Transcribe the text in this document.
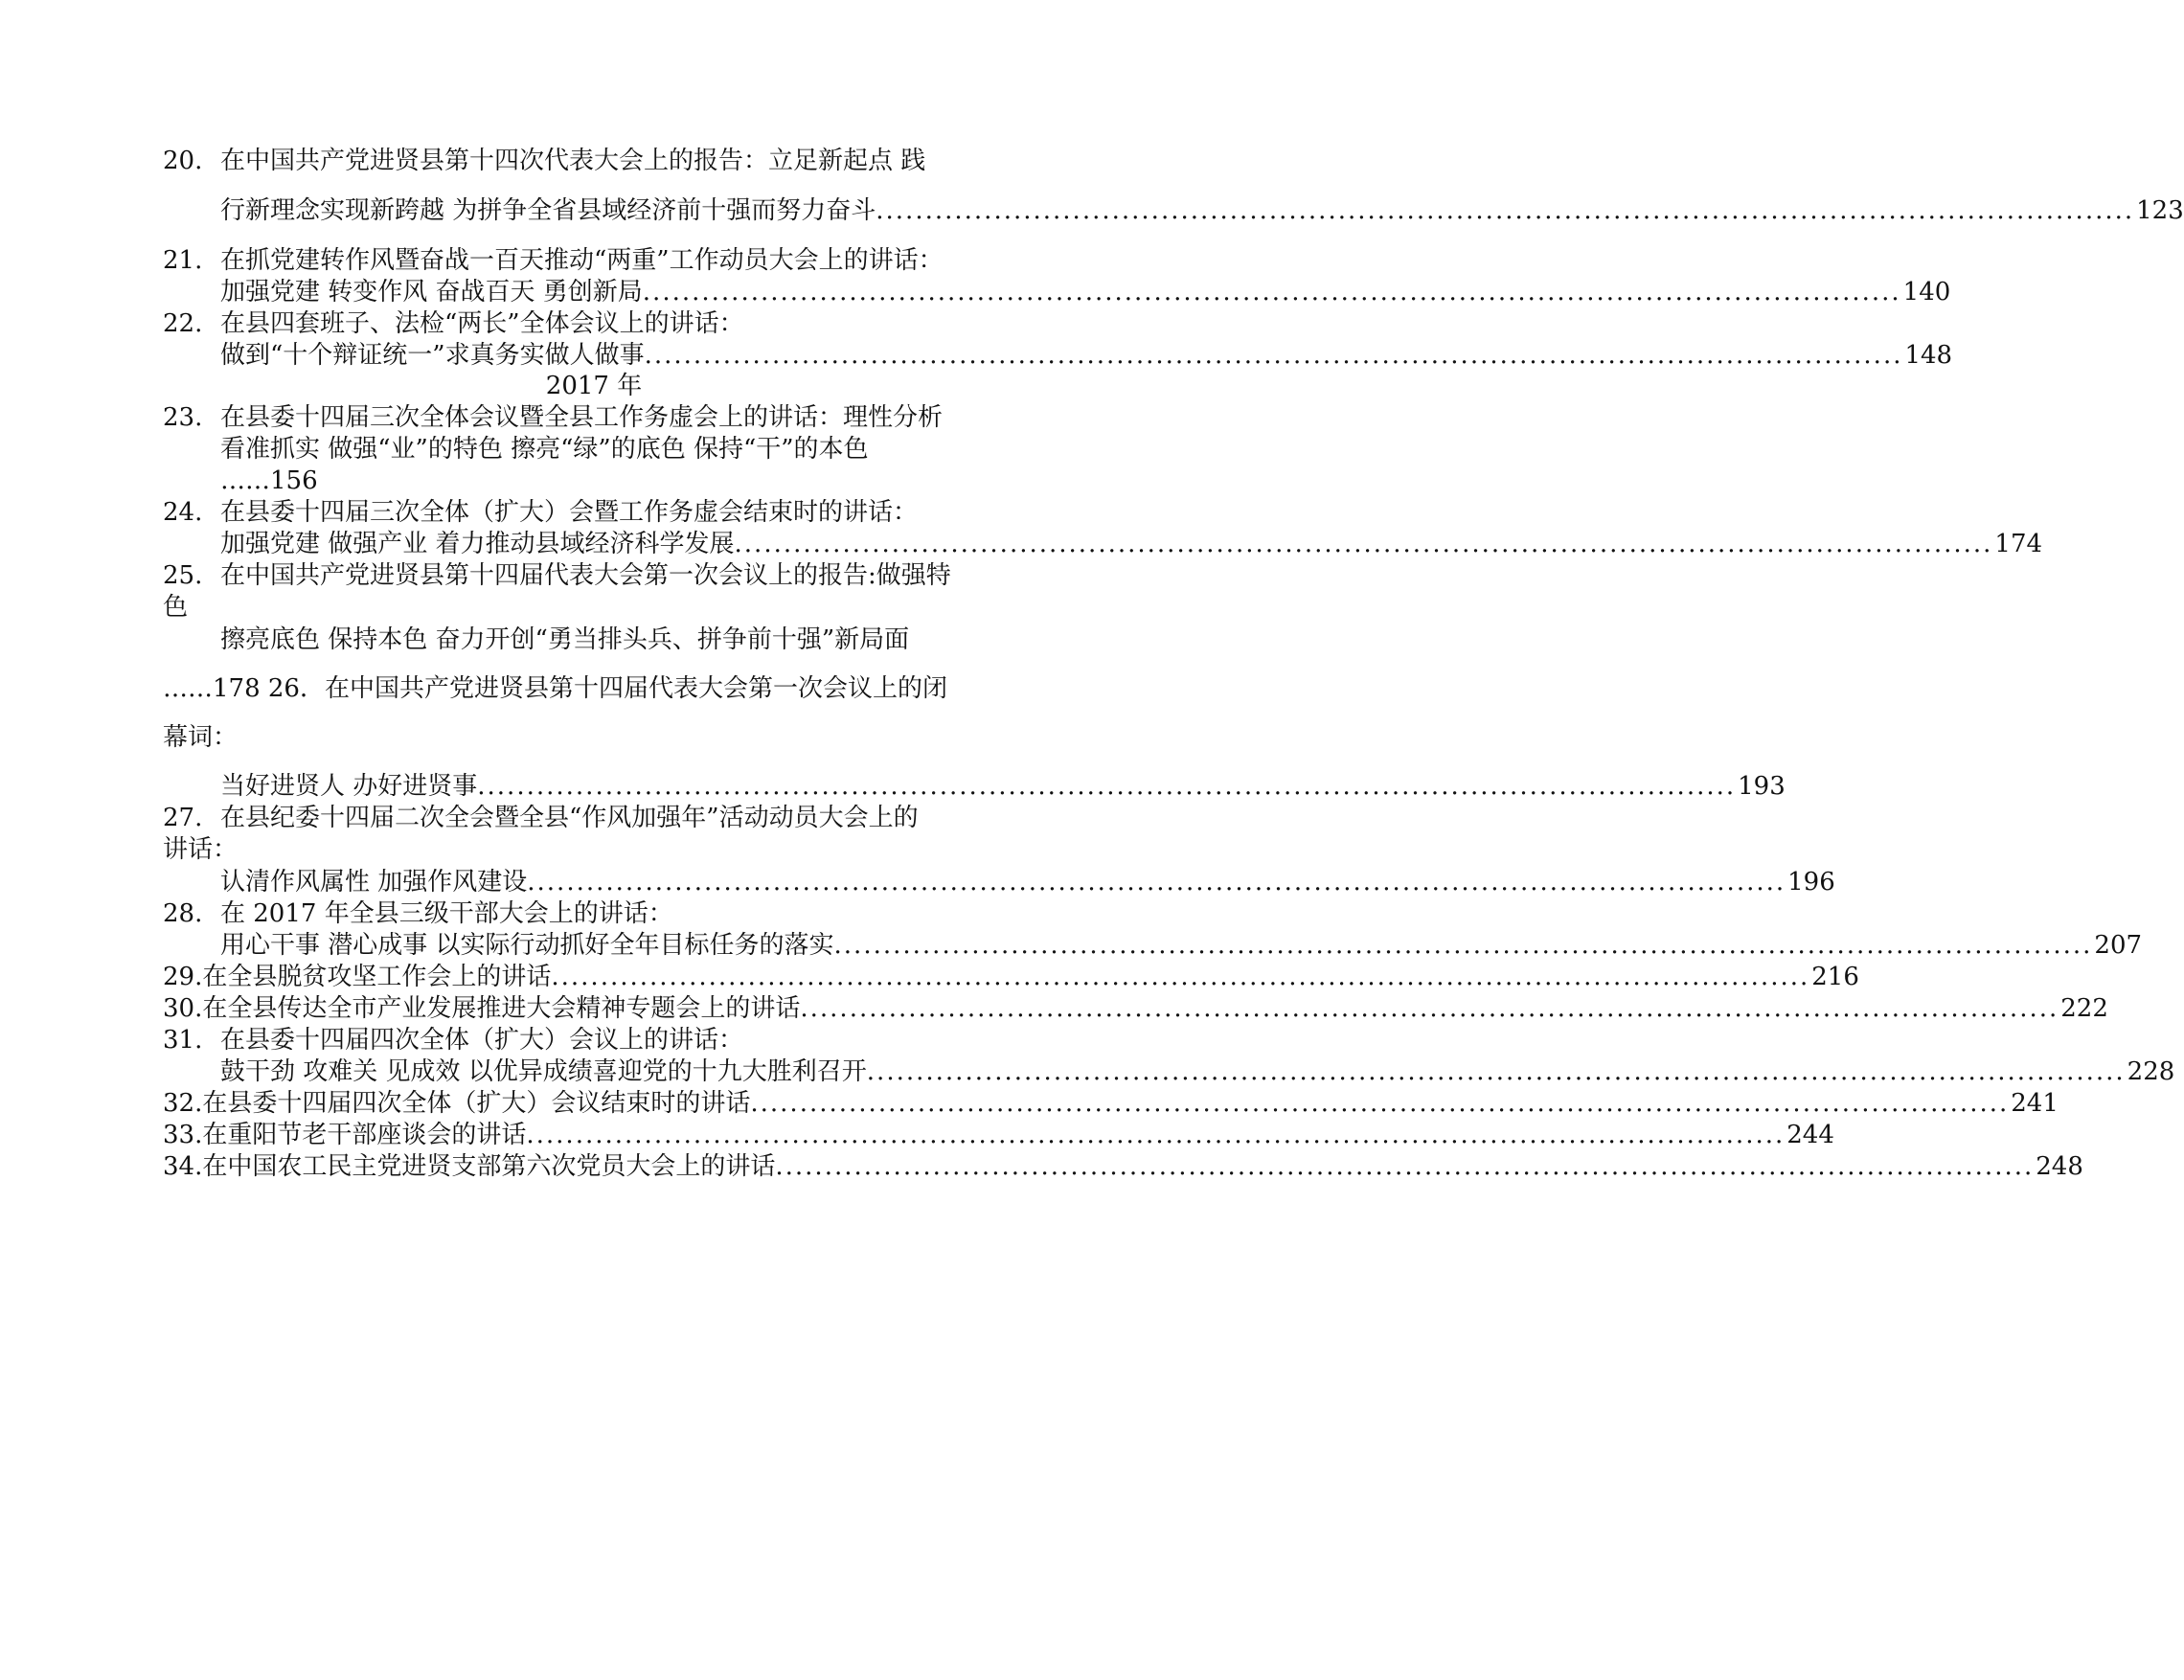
20. 在中国共产党进贤县第十四次代表大会上的报告：立足新起点 践
行新理念实现新跨越 为拼争全省县域经济前十强而努力奋斗 ................................................................................................................................ 123
21. 在抓党建转作风暨奋战一百天推动“两重”工作动员大会上的讲话：
加强党建 转变作风 奋战百天 勇创新局 ................................................................................................................................ 140
22. 在县四套班子、法检“两长”全体会议上的讲话：
做到“十个辩证统一”求真务实做人做事 ................................................................................................................................ 148
2017 年
23. 在县委十四届三次全体会议暨全县工作务虚会上的讲话：理性分析
看准抓实 做强“业”的特色 擦亮“绿”的底色 保持“干”的本色
……156
24. 在县委十四届三次全体（扩大）会暨工作务虚会结束时的讲话：
加强党建 做强产业 着力推动县域经济科学发展 ................................................................................................................................ 174
25. 在中国共产党进贤县第十四届代表大会第一次会议上的报告:做强特
色
擦亮底色 保持本色 奋力开创“勇当排头兵、拼争前十强”新局面
……178 26．在中国共产党进贤县第十四届代表大会第一次会议上的闭
幕词：
当好进贤人 办好进贤事 ................................................................................................................................ 193
27. 在县纪委十四届二次全会暨全县“作风加强年”活动动员大会上的
讲话：
认清作风属性 加强作风建设 ................................................................................................................................ 196
28. 在 2017 年全县三级干部大会上的讲话：
用心干事 潜心成事 以实际行动抓好全年目标任务的落实 ................................................................................................................................ 207
29. 在全县脱贫攻坚工作会上的讲话 ................................................................................................................................ 216
30. 在全县传达全市产业发展推进大会精神专题会上的讲话 ................................................................................................................................ 222
31. 在县委十四届四次全体（扩大）会议上的讲话：
鼓干劲 攻难关 见成效 以优异成绩喜迎党的十九大胜利召开 ................................................................................................................................ 228
32. 在县委十四届四次全体（扩大）会议结束时的讲话 ................................................................................................................................ 241
33. 在重阳节老干部座谈会的讲话 ................................................................................................................................ 244
34. 在中国农工民主党进贤支部第六次党员大会上的讲话 ................................................................................................................................ 248
